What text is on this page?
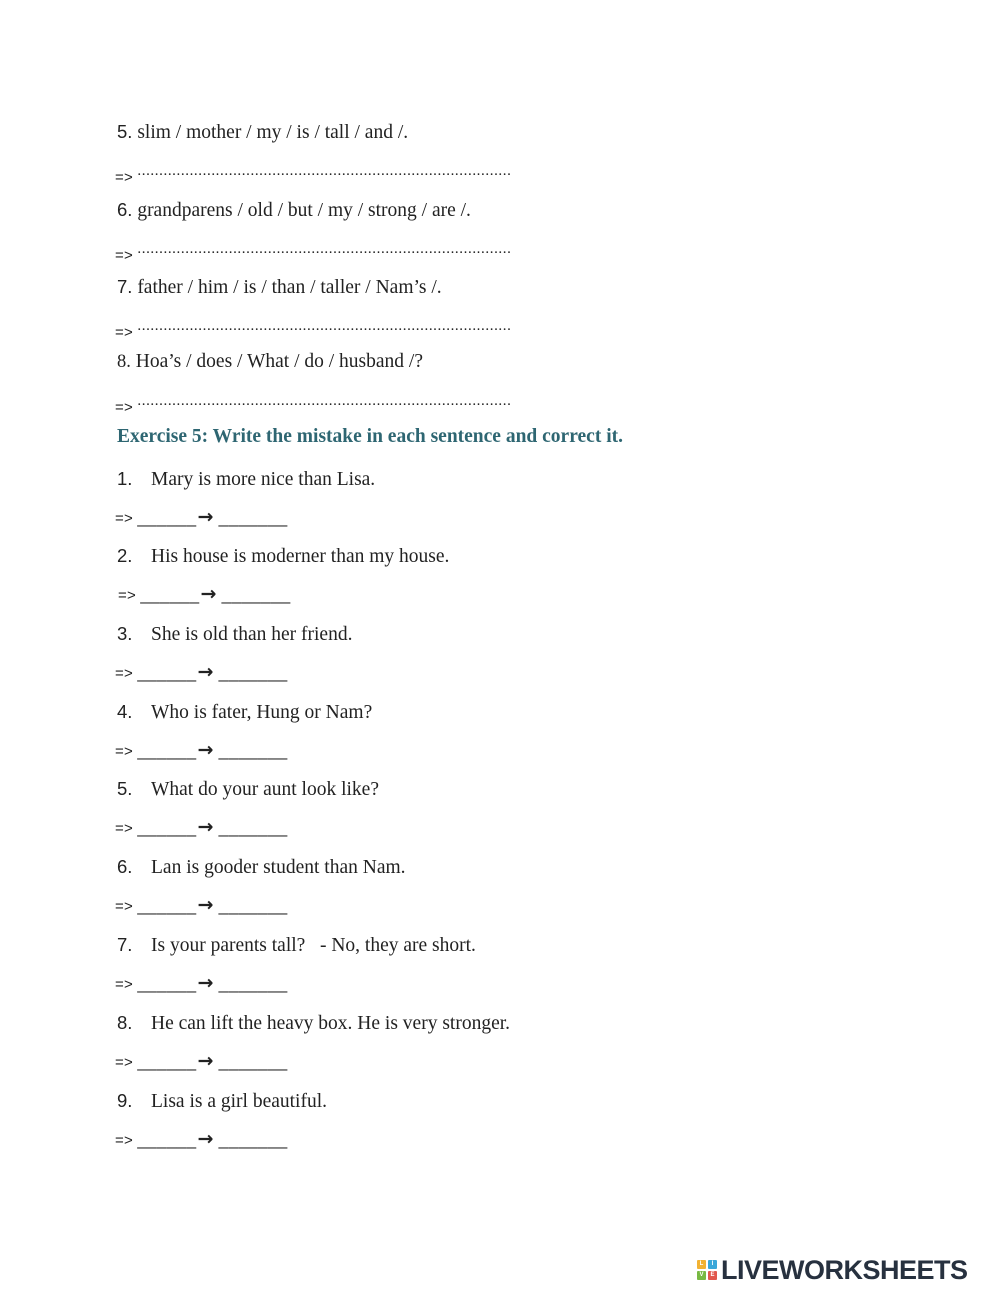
5. slim / mother / my / is / tall / and /.
=> ......................................................................................
6. grandparens / old / but / my / strong / are /.
=> ......................................................................................
7. father / him / is / than / taller / Nam’s /.
=> ......................................................................................
8. Hoa’s / does / What / do / husband /?
=> ......................................................................................
Exercise 5: Write the mistake in each sentence and correct it.
1. Mary is more nice than Lisa.
=> ______→ _______
2. His house is moderner than my house.
=> ______→ _______
3. She is old than her friend.
=> ______→ _______
4. Who is fater, Hung or Nam?
=> ______→ _______
5. What do your aunt look like?
=> ______→ _______
6. Lan is gooder student than Nam.
=> ______→ _______
7. Is your parents tall?   - No, they are short.
=> ______→ _______
8. He can lift the heavy box. He is very stronger.
=> ______→ _______
9. Lisa is a girl beautiful.
=> ______→ _______
L	I
V	E LIVEWORKSHEETS
